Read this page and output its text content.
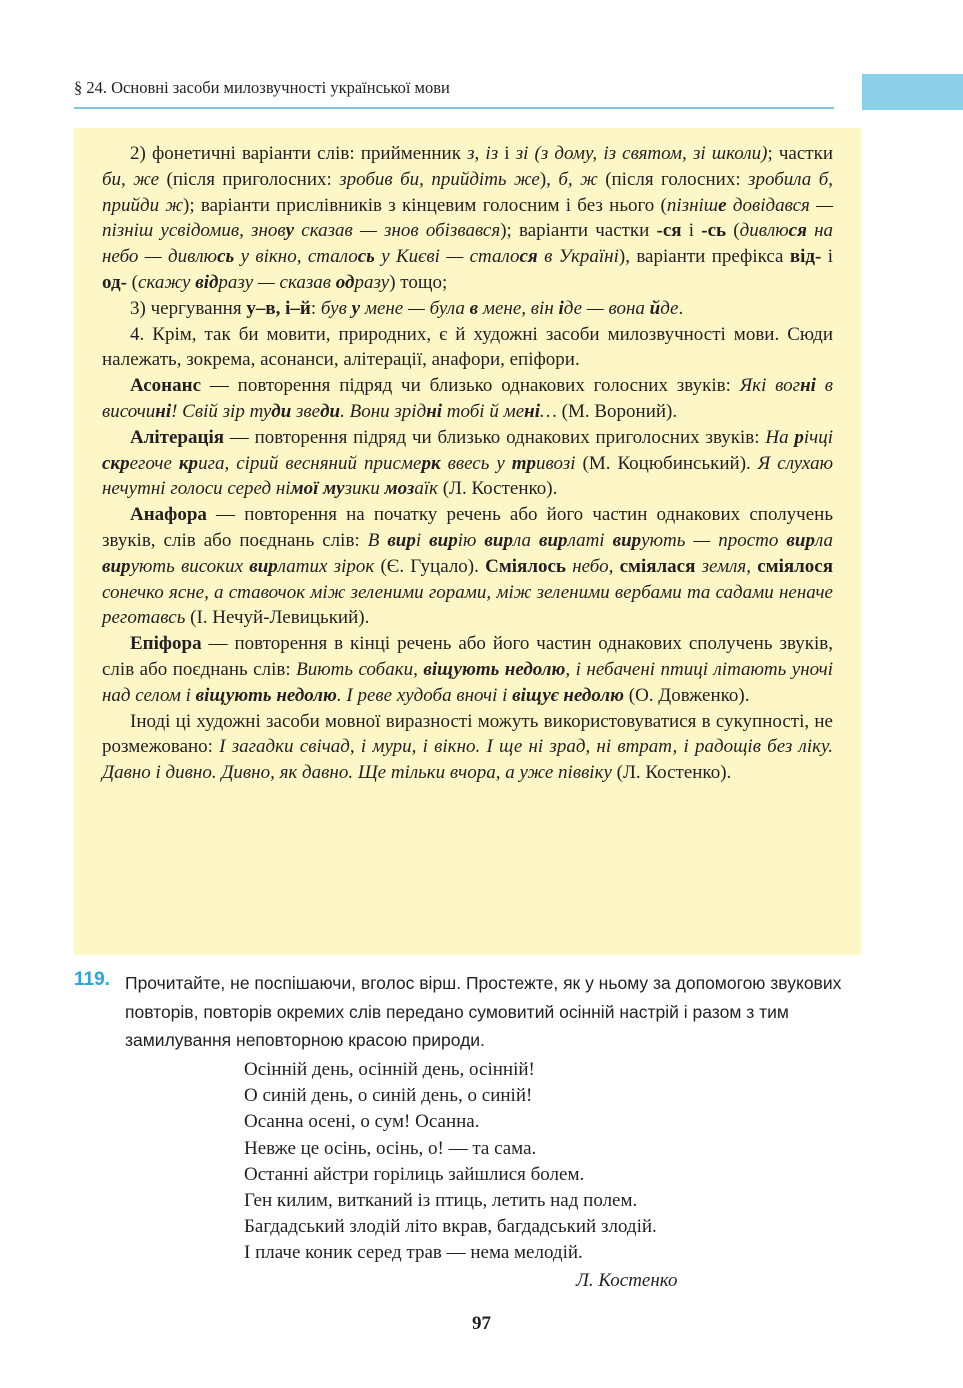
§ 24. Основні засоби милозвучності української мови

2) фонетичні варіанти слів: прийменник з, із і зі (з дому, із святом, зі школи); частки би, же (після приголосних: зробив би, прийдіть же), б, ж (після голосних: зробила б, прийди ж); варіанти прислівників з кінцевим голосним і без нього (пізніше довідався — пізніш усвідомив, знову сказав — знов обізвався); варіанти частки -ся і -сь (дивлюся на небо — дивлюсь у вікно, сталось у Києві — сталося в Україні), варіанти префікса від- і од- (скажу відразу — сказав одразу) тощо;

3) чергування у–в, і–й: був у мене — була в мене, він іде — вона йде.

4. Крім, так би мовити, природних, є й художні засоби милозвучності мови. Сюди належать, зокрема, асонанси, алітерації, анафори, епіфори.

Асонанс — повторення підряд чи близько однакових голосних звуків: Які вогні в височині! Свій зір туди зведи. Вони зрідні тобі й мені… (М. Вороний).

Алітерація — повторення підряд чи близько однакових приголосних звуків: На річці скрегоче крига, сірий весняний присмерк ввесь у тривозі (М. Коцюбинський). Я слухаю нечутні голоси серед німої музики мозаїк (Л. Костенко).

Анафора — повторення на початку речень або його частин однакових сполучень звуків, слів або поєднань слів: В вирі вирію вирла вирлаті вирують — просто вирла вирують високих вирлатих зірок (Є. Гуцало). Сміялось небо, сміялася земля, сміялося сонечко ясне, а ставочок між зеленими горами, між зеленими вербами та садами неначе реготавсь (І. Нечуй-Левицький).

Епіфора — повторення в кінці речень або його частин однакових сполучень звуків, слів або поєднань слів: Виють собаки, віщують недолю, і небачені птиці літають уночі над селом і віщують недолю. І реве худоба вночі і віщує недолю (О. Довженко).

Іноді ці художні засоби мовної виразності можуть використовуватися в сукупності, не розмежовано: І загадки свічад, і мури, і вікно. І ще ні зрад, ні втрат, і радощів без ліку. Давно і дивно. Дивно, як давно. Ще тільки вчора, а уже піввіку (Л. Костенко).

119. Прочитайте, не поспішаючи, вголос вірш. Простежте, як у ньому за допомогою звукових повторів, повторів окремих слів передано сумовитий осінній настрій і разом з тим замилування неповторною красою природи.
Осінній день, осінній день, осінній!
О синій день, о синій день, о синій!
Осанна осені, о сум! Осанна.
Невже це осінь, осінь, о! — та сама.
Останні айстри горілиць зайшлися болем.
Ген килим, витканий із птиць, летить над полем.
Багдадський злодій літо вкрав, багдадський злодій.
І плаче коник серед трав — нема мелодій.
Л. Костенко
97
